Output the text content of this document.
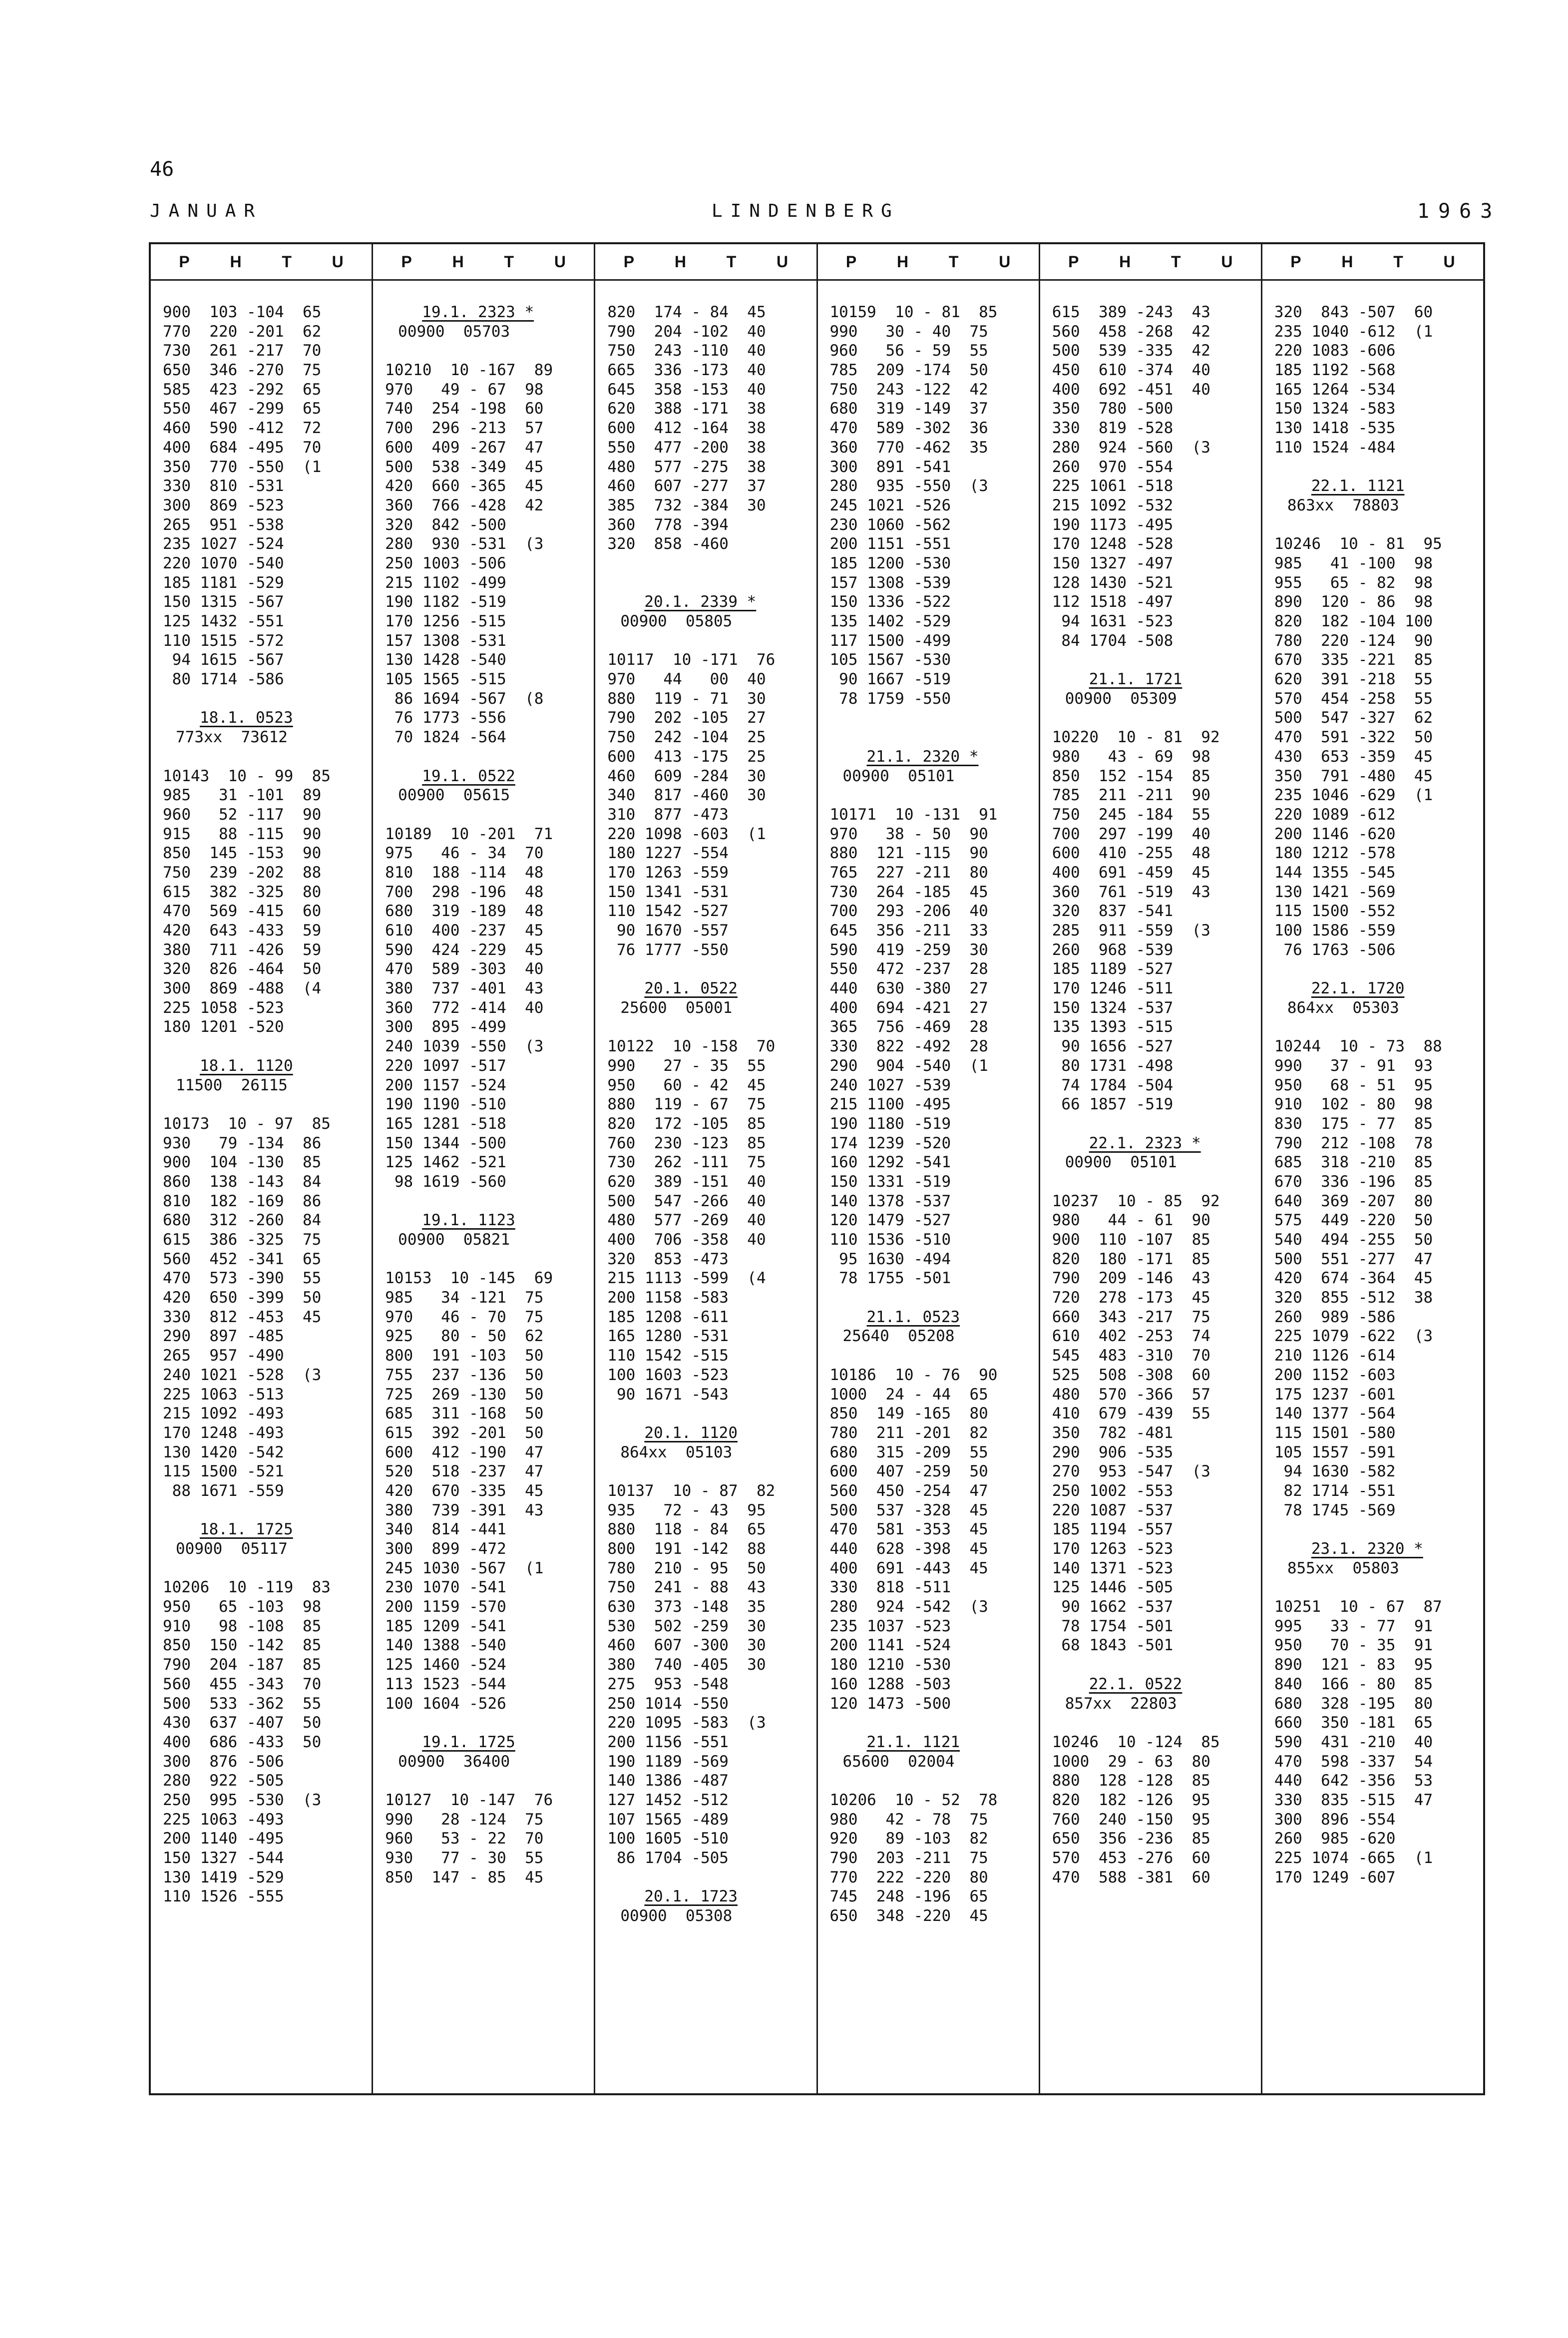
46
JANUAR	LINDENBERG	1963
P	H	T	U
900  103 -104  65
770  220 -201  62
730  261 -217  70
650  346 -270  75
585  423 -292  65
550  467 -299  65
460  590 -412  72
400  684 -495  70
350  770 -550  (1
330  810 -531
300  869 -523
265  951 -538
235 1027 -524
220 1070 -540
185 1181 -529
150 1315 -567
125 1432 -551
110 1515 -572
94 1615 -567
80 1714 -586
18.1. 0523
773xx  73612
10143  10 - 99  85
985   31 -101  89
960   52 -117  90
915   88 -115  90
850  145 -153  90
750  239 -202  88
615  382 -325  80
470  569 -415  60
420  643 -433  59
380  711 -426  59
320  826 -464  50
300  869 -488  (4
225 1058 -523
180 1201 -520
18.1. 1120
11500  26115
10173  10 - 97  85
930   79 -134  86
900  104 -130  85
860  138 -143  84
810  182 -169  86
680  312 -260  84
615  386 -325  75
560  452 -341  65
470  573 -390  55
420  650 -399  50
330  812 -453  45
290  897 -485
265  957 -490
240 1021 -528  (3
225 1063 -513
215 1092 -493
170 1248 -493
130 1420 -542
115 1500 -521
88 1671 -559
18.1. 1725
00900  05117
10206  10 -119  83
950   65 -103  98
910   98 -108  85
850  150 -142  85
790  204 -187  85
560  455 -343  70
500  533 -362  55
430  637 -407  50
400  686 -433  50
300  876 -506
280  922 -505
250  995 -530  (3
225 1063 -493
200 1140 -495
150 1327 -544
130 1419 -529
110 1526 -555
P	H	T	U
19.1. 2323 *
00900  05703
10210  10 -167  89
970   49 - 67  98
740  254 -198  60
700  296 -213  57
600  409 -267  47
500  538 -349  45
420  660 -365  45
360  766 -428  42
320  842 -500
280  930 -531  (3
250 1003 -506
215 1102 -499
190 1182 -519
170 1256 -515
157 1308 -531
130 1428 -540
105 1565 -515
86 1694 -567  (8
76 1773 -556
70 1824 -564
19.1. 0522
00900  05615
10189  10 -201  71
975   46 - 34  70
810  188 -114  48
700  298 -196  48
680  319 -189  48
610  400 -237  45
590  424 -229  45
470  589 -303  40
380  737 -401  43
360  772 -414  40
300  895 -499
240 1039 -550  (3
220 1097 -517
200 1157 -524
190 1190 -510
165 1281 -518
150 1344 -500
125 1462 -521
98 1619 -560
19.1. 1123
00900  05821
10153  10 -145  69
985   34 -121  75
970   46 - 70  75
925   80 - 50  62
800  191 -103  50
755  237 -136  50
725  269 -130  50
685  311 -168  50
615  392 -201  50
600  412 -190  47
520  518 -237  47
420  670 -335  45
380  739 -391  43
340  814 -441
300  899 -472
245 1030 -567  (1
230 1070 -541
200 1159 -570
185 1209 -541
140 1388 -540
125 1460 -524
113 1523 -544
100 1604 -526
19.1. 1725
00900  36400
10127  10 -147  76
990   28 -124  75
960   53 - 22  70
930   77 - 30  55
850  147 - 85  45
P	H	T	U
820  174 - 84  45
790  204 -102  40
750  243 -110  40
665  336 -173  40
645  358 -153  40
620  388 -171  38
600  412 -164  38
550  477 -200  38
480  577 -275  38
460  607 -277  37
385  732 -384  30
360  778 -394
320  858 -460
20.1. 2339 *
00900  05805
10117  10 -171  76
970   44   00  40
880  119 - 71  30
790  202 -105  27
750  242 -104  25
600  413 -175  25
460  609 -284  30
340  817 -460  30
310  877 -473
220 1098 -603  (1
180 1227 -554
170 1263 -559
150 1341 -531
110 1542 -527
90 1670 -557
76 1777 -550
20.1. 0522
25600  05001
10122  10 -158  70
990   27 - 35  55
950   60 - 42  45
880  119 - 67  75
820  172 -105  85
760  230 -123  85
730  262 -111  75
620  389 -151  40
500  547 -266  40
480  577 -269  40
400  706 -358  40
320  853 -473
215 1113 -599  (4
200 1158 -583
185 1208 -611
165 1280 -531
110 1542 -515
100 1603 -523
90 1671 -543
20.1. 1120
864xx  05103
10137  10 - 87  82
935   72 - 43  95
880  118 - 84  65
800  191 -142  88
780  210 - 95  50
750  241 - 88  43
630  373 -148  35
530  502 -259  30
460  607 -300  30
380  740 -405  30
275  953 -548
250 1014 -550
220 1095 -583  (3
200 1156 -551
190 1189 -569
140 1386 -487
127 1452 -512
107 1565 -489
100 1605 -510
86 1704 -505
20.1. 1723
00900  05308
P	H	T	U
10159  10 - 81  85
990   30 - 40  75
960   56 - 59  55
785  209 -174  50
750  243 -122  42
680  319 -149  37
470  589 -302  36
360  770 -462  35
300  891 -541
280  935 -550  (3
245 1021 -526
230 1060 -562
200 1151 -551
185 1200 -530
157 1308 -539
150 1336 -522
135 1402 -529
117 1500 -499
105 1567 -530
90 1667 -519
78 1759 -550
21.1. 2320 *
00900  05101
10171  10 -131  91
970   38 - 50  90
880  121 -115  90
765  227 -211  80
730  264 -185  45
700  293 -206  40
645  356 -211  33
590  419 -259  30
550  472 -237  28
440  630 -380  27
400  694 -421  27
365  756 -469  28
330  822 -492  28
290  904 -540  (1
240 1027 -539
215 1100 -495
190 1180 -519
174 1239 -520
160 1292 -541
150 1331 -519
140 1378 -537
120 1479 -527
110 1536 -510
95 1630 -494
78 1755 -501
21.1. 0523
25640  05208
10186  10 - 76  90
1000  24 - 44  65
850  149 -165  80
780  211 -201  82
680  315 -209  55
600  407 -259  50
560  450 -254  47
500  537 -328  45
470  581 -353  45
440  628 -398  45
400  691 -443  45
330  818 -511
280  924 -542  (3
235 1037 -523
200 1141 -524
180 1210 -530
160 1288 -503
120 1473 -500
21.1. 1121
65600  02004
10206  10 - 52  78
980   42 - 78  75
920   89 -103  82
790  203 -211  75
770  222 -220  80
745  248 -196  65
650  348 -220  45
P	H	T	U
615  389 -243  43
560  458 -268  42
500  539 -335  42
450  610 -374  40
400  692 -451  40
350  780 -500
330  819 -528
280  924 -560  (3
260  970 -554
225 1061 -518
215 1092 -532
190 1173 -495
170 1248 -528
150 1327 -497
128 1430 -521
112 1518 -497
94 1631 -523
84 1704 -508
21.1. 1721
00900  05309
10220  10 - 81  92
980   43 - 69  98
850  152 -154  85
785  211 -211  90
750  245 -184  55
700  297 -199  40
600  410 -255  48
400  691 -459  45
360  761 -519  43
320  837 -541
285  911 -559  (3
260  968 -539
185 1189 -527
170 1246 -511
150 1324 -537
135 1393 -515
90 1656 -527
80 1731 -498
74 1784 -504
66 1857 -519
22.1. 2323 *
00900  05101
10237  10 - 85  92
980   44 - 61  90
900  110 -107  85
820  180 -171  85
790  209 -146  43
720  278 -173  45
660  343 -217  75
610  402 -253  74
545  483 -310  70
525  508 -308  60
480  570 -366  57
410  679 -439  55
350  782 -481
290  906 -535
270  953 -547  (3
250 1002 -553
220 1087 -537
185 1194 -557
170 1263 -523
140 1371 -523
125 1446 -505
90 1662 -537
78 1754 -501
68 1843 -501
22.1. 0522
857xx  22803
10246  10 -124  85
1000  29 - 63  80
880  128 -128  85
820  182 -126  95
760  240 -150  95
650  356 -236  85
570  453 -276  60
470  588 -381  60
P	H	T	U
320  843 -507  60
235 1040 -612  (1
220 1083 -606
185 1192 -568
165 1264 -534
150 1324 -583
130 1418 -535
110 1524 -484
22.1. 1121
863xx  78803
10246  10 - 81  95
985   41 -100  98
955   65 - 82  98
890  120 - 86  98
820  182 -104 100
780  220 -124  90
670  335 -221  85
620  391 -218  55
570  454 -258  55
500  547 -327  62
470  591 -322  50
430  653 -359  45
350  791 -480  45
235 1046 -629  (1
220 1089 -612
200 1146 -620
180 1212 -578
144 1355 -545
130 1421 -569
115 1500 -552
100 1586 -559
76 1763 -506
22.1. 1720
864xx  05303
10244  10 - 73  88
990   37 - 91  93
950   68 - 51  95
910  102 - 80  98
830  175 - 77  85
790  212 -108  78
685  318 -210  85
670  336 -196  85
640  369 -207  80
575  449 -220  50
540  494 -255  50
500  551 -277  47
420  674 -364  45
320  855 -512  38
260  989 -586
225 1079 -622  (3
210 1126 -614
200 1152 -603
175 1237 -601
140 1377 -564
115 1501 -580
105 1557 -591
94 1630 -582
82 1714 -551
78 1745 -569
23.1. 2320 *
855xx  05803
10251  10 - 67  87
995   33 - 77  91
950   70 - 35  91
890  121 - 83  95
840  166 - 80  85
680  328 -195  80
660  350 -181  65
590  431 -210  40
470  598 -337  54
440  642 -356  53
330  835 -515  47
300  896 -554
260  985 -620
225 1074 -665  (1
170 1249 -607
